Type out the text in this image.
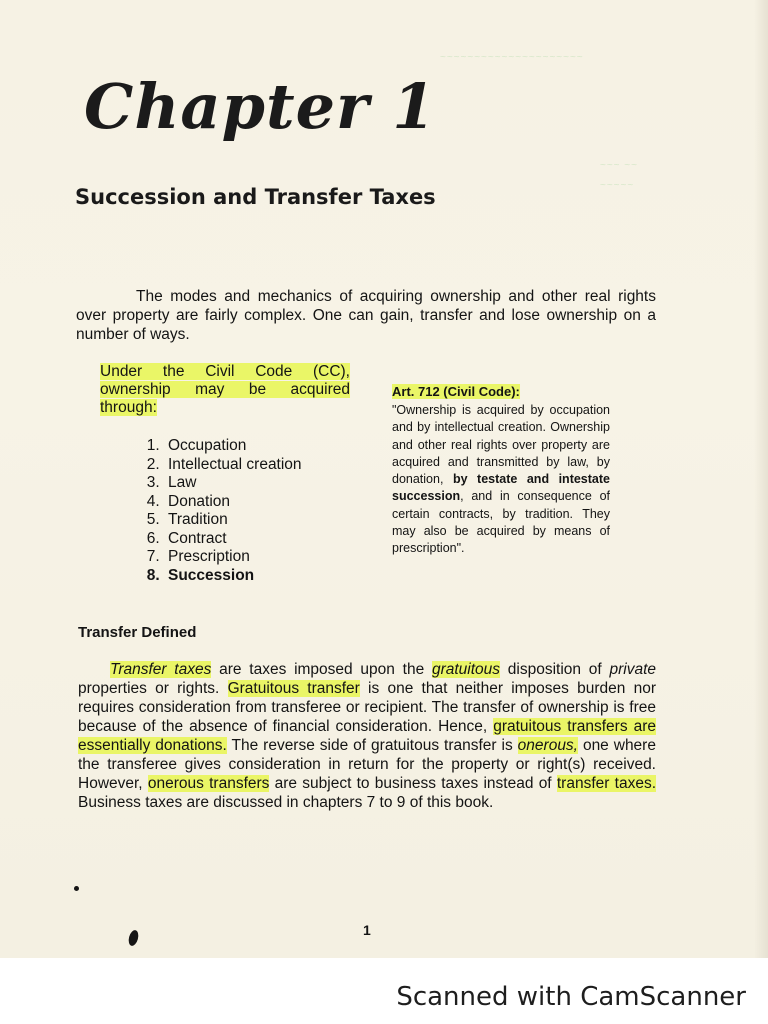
~~~~~~~~~~~~~~~~~~~~~
~~~ ~~
~~~~~
Chapter 1
Succession and Transfer Taxes

The modes and mechanics of acquiring ownership and other real rights over property are fairly complex. One can gain, transfer and lose ownership on a number of ways.

Under the Civil Code (CC), ownership may be acquired through:

1. Occupation
2. Intellectual creation
3. Law
4. Donation
5. Tradition
6. Contract
7. Prescription
8. Succession

Art. 712 (Civil Code):

"Ownership is acquired by occupation and by intellectual creation. Ownership and other real rights over property are acquired and transmitted by law, by donation, by testate and intestate succession, and in consequence of certain contracts, by tradition. They may also be acquired by means of prescription".

Transfer Defined

Transfer taxes are taxes imposed upon the gratuitous disposition of private properties or rights. Gratuitous transfer is one that neither imposes burden nor requires consideration from transferee or recipient. The transfer of ownership is free because of the absence of financial consideration. Hence, gratuitous transfers are essentially donations. The reverse side of gratuitous transfer is onerous, one where the transferee gives consideration in return for the property or right(s) received. However, onerous transfers are subject to business taxes instead of transfer taxes. Business taxes are discussed in chapters 7 to 9 of this book.

1

Scanned with CamScanner
